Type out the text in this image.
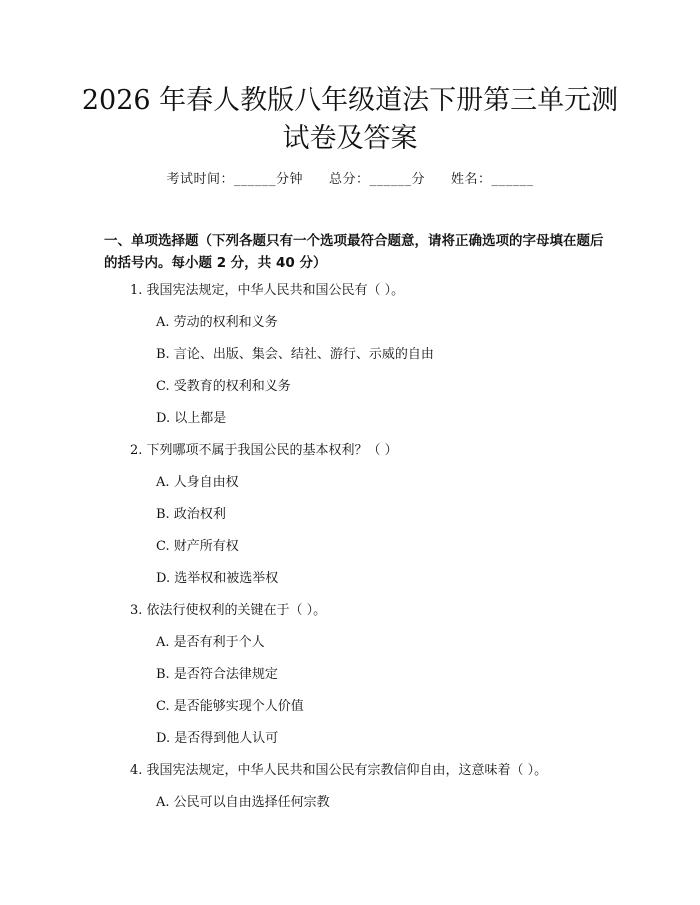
2026 年春人教版八年级道法下册第三单元测
试卷及答案
考试时间：______分钟 总分：______分 姓名：______
一、单项选择题（下列各题只有一个选项最符合题意，请将正确选项的字母填在题后的括号内。每小题 2 分，共 40 分）
1. 我国宪法规定，中华人民共和国公民有（ ）。
A. 劳动的权利和义务
B. 言论、出版、集会、结社、游行、示威的自由
C. 受教育的权利和义务
D. 以上都是
2. 下列哪项不属于我国公民的基本权利？（ ）
A. 人身自由权
B. 政治权利
C. 财产所有权
D. 选举权和被选举权
3. 依法行使权利的关键在于（ ）。
A. 是否有利于个人
B. 是否符合法律规定
C. 是否能够实现个人价值
D. 是否得到他人认可
4. 我国宪法规定，中华人民共和国公民有宗教信仰自由，这意味着（ ）。
A. 公民可以自由选择任何宗教
